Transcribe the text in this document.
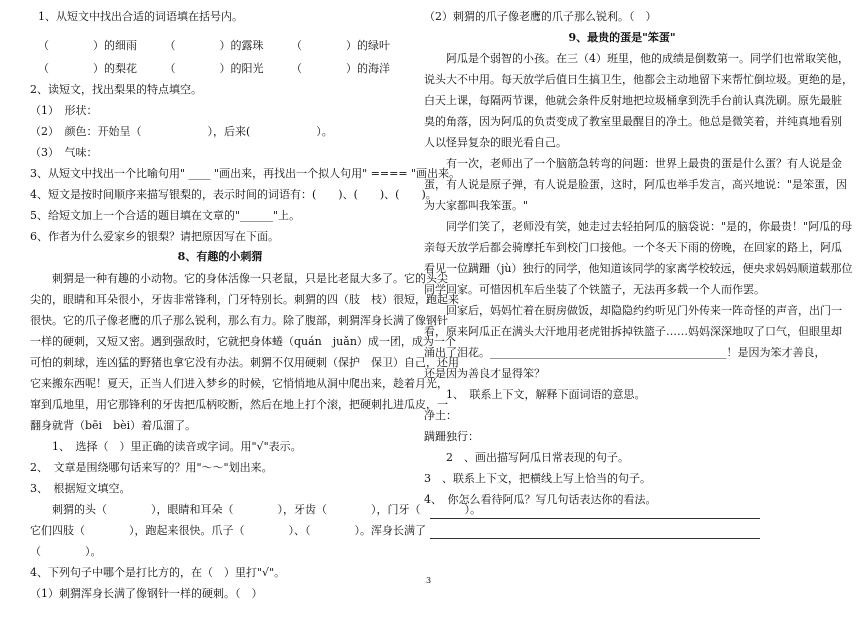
1、从短文中找出合适的词语填在括号内。
（　　　　）的细雨　　　（　　　　）的露珠　　　（　　　　）的绿叶
（　　　　）的梨花　　　（　　　　）的阳光　　　（　　　　）的海洋
2、读短文，找出梨果的特点填空。
（1）　形状：
（2）　颜色：开始呈（　　　　　　），后来(　　　　　　）。
（3）　气味：
3、从短文中找出一个比喻句用" ____ "画出来，再找出一个拟人句用" ==== "画出来。
4、短文是按时间顺序来描写银梨的，表示时间的词语有：(　　)、(　　)、(　　)。
5、给短文加上一个合适的题目填在文章的"______"上。
6、作者为什么爱家乡的银梨？请把原因写在下面。
8、有趣的小刺猬
　　刺猬是一种有趣的小动物。它的身体活像一只老鼠，只是比老鼠大多了。它的头尖
尖的，眼睛和耳朵很小，牙齿非常锋利，门牙特别长。刺猬的四（肢　枝）很短，跑起来
很快。它的爪子像老鹰的爪子那么锐利，那么有力。除了腹部，刺猬浑身长满了像钢针
一样的硬刺，又短又密。遇到强敌时，它就把身体蜷（quán　juǎn）成一团，成为一个
可怕的刺球，连凶猛的野猪也拿它没有办法。刺猬不仅用硬刺（保护　保卫）自己，还用
它来搬东西呢！夏天，正当人们进入梦乡的时候，它悄悄地从洞中爬出来，趁着月光，
窜到瓜地里，用它那锋利的牙齿把瓜柄咬断，然后在地上打个滚，把硬刺扎进瓜皮，一
翻身就背（bēi　bèi）着瓜溜了。
　　1、　选择（　）里正确的读音或字词。用"√"表示。
2、　文章是围绕哪句话来写的？用"～～"划出来。
3、　根据短文填空。
　　刺猬的头（　　　　），眼睛和耳朵（　　　　），牙齿（　　　　），门牙（　　　　）。
它们四肢（　　　　），跑起来很快。爪子（　　　　）、（　　　　）。浑身长满了
（　　　　）。
4、下列句子中哪个是打比方的，在（　）里打"√"。
（1）刺猬浑身长满了像钢针一样的硬刺。（　）
（2）刺猬的爪子像老鹰的爪子那么锐利。（　）
9、最贵的蛋是"笨蛋"
　　阿瓜是个弱智的小孩。在三（4）班里，他的成绩是倒数第一。同学们也常取笑他，
说头大不中用。每天放学后值日生搞卫生，他都会主动地留下来帮忙倒垃圾。更绝的是，
白天上课，每隔两节课，他就会条件反射地把垃圾桶拿到洗手台前认真洗刷。原先最脏
臭的角落，因为阿瓜的负责变成了教室里最醒目的净土。他总是微笑着，并纯真地看别
人以怪异复杂的眼光看自己。
　　有一次，老师出了一个脑筋急转弯的问题：世界上最贵的蛋是什么蛋？有人说是金
蛋，有人说是原子弹，有人说是脸蛋，这时，阿瓜也举手发言，高兴地说："是笨蛋，因
为大家都叫我笨蛋。"
　　同学们笑了，老师没有笑，她走过去轻拍阿瓜的脑袋说："是的，你最贵！"阿瓜的母
亲每天放学后都会骑摩托车到校门口接他。一个冬天下雨的傍晚，在回家的路上，阿瓜
看见一位蹒跚（jù）独行的同学，他知道该同学的家离学校较远，便央求妈妈顺道载那位
同学回家。可惜因机车后坐装了个铁篮子，无法再多载一个人而作罢。
　　回家后，妈妈忙着在厨房做饭，却隐隐约约听见门外传来一阵奇怪的声音，出门一
看，原来阿瓜正在满头大汗地用老虎钳拆掉铁篮子……妈妈深深地叹了口气，但眼里却
涌出了泪花。___________________________________________！是因为笨才善良，
还是因为善良才显得笨？
　　1、　联系上下文，解释下面词语的意思。
净土：
蹒跚独行：
　　2　、画出描写阿瓜日常表现的句子。
3　、联系上下文，把横线上写上恰当的句子。
4、　你怎么看待阿瓜？写几句话表达你的看法。
3
